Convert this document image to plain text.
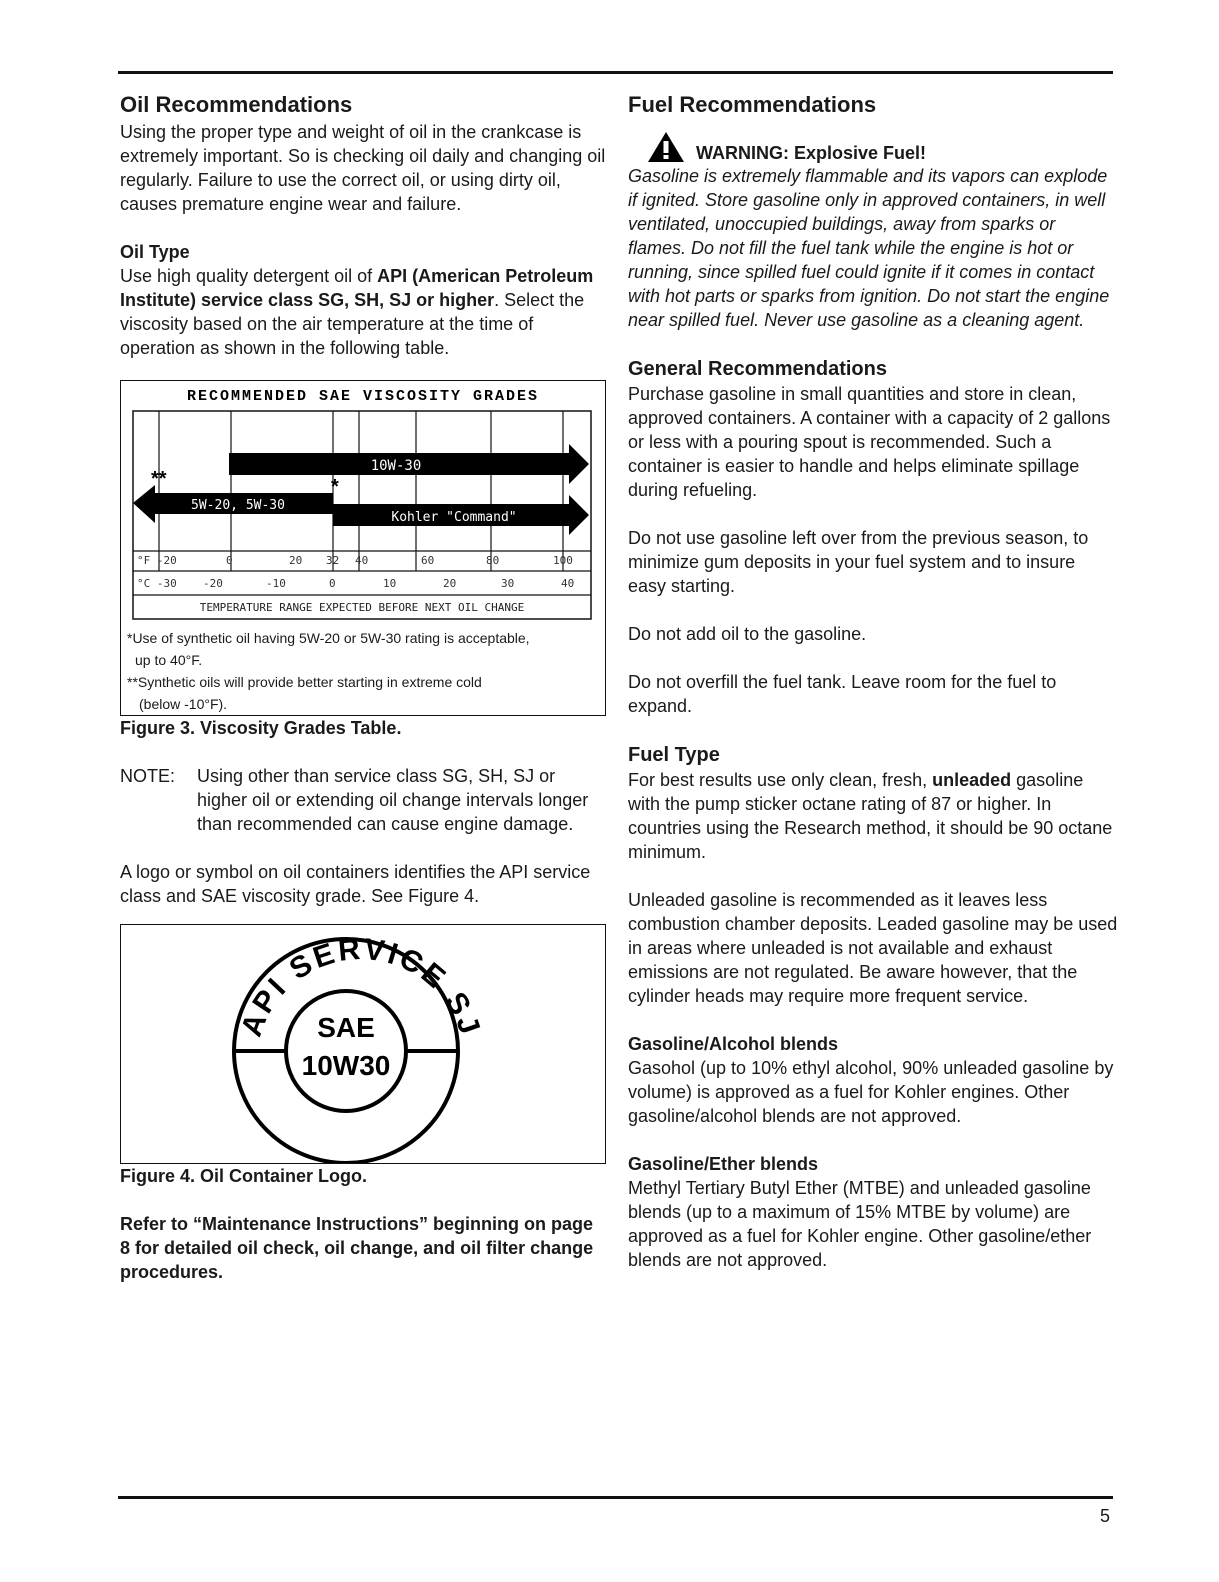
Oil Recommendations

Using the proper type and weight of oil in the crankcase is extremely important. So is checking oil daily and changing oil regularly. Failure to use the correct oil, or using dirty oil, causes premature engine wear and failure.

Oil Type

Use high quality detergent oil of API (American Petroleum Institute) service class SG, SH, SJ or higher. Select the viscosity based on the air temperature at the time of operation as shown in the following table.

RECOMMENDED SAE VISCOSITY GRADES
10W-30
5W-20, 5W-30
Kohler "Command"
**	*
°F -20	0	20 32 40	60	80	100
°C -30 -20	-10	0	10	20	30	40
TEMPERATURE RANGE EXPECTED BEFORE NEXT OIL CHANGE
*Use of synthetic oil having 5W-20 or 5W-30 rating is acceptable,
up to 40°F.
**Synthetic oils will provide better starting in extreme cold
(below -10°F).
Figure 3. Viscosity Grades Table.
NOTE:	Using other than service class SG, SH, SJ or higher oil or extending oil change intervals longer than recommended can cause engine damage.

A logo or symbol on oil containers identifies the API service class and SAE viscosity grade. See Figure 4.

API SERVICE SJ
SAE
10W30
Figure 4. Oil Container Logo.

Refer to “Maintenance Instructions” beginning on page 8 for detailed oil check, oil change, and oil filter change procedures.

Fuel Recommendations
WARNING: Explosive Fuel!

Gasoline is extremely flammable and its vapors can explode if ignited. Store gasoline only in approved containers, in well ventilated, unoccupied buildings, away from sparks or flames. Do not fill the fuel tank while the engine is hot or running, since spilled fuel could ignite if it comes in contact with hot parts or sparks from ignition. Do not start the engine near spilled fuel. Never use gasoline as a cleaning agent.

General Recommendations

Purchase gasoline in small quantities and store in clean, approved containers. A container with a capacity of 2 gallons or less with a pouring spout is recommended. Such a container is easier to handle and helps eliminate spillage during refueling.

Do not use gasoline left over from the previous season, to minimize gum deposits in your fuel system and to insure easy starting.

Do not add oil to the gasoline.

Do not overfill the fuel tank. Leave room for the fuel to expand.

Fuel Type

For best results use only clean, fresh, unleaded gasoline with the pump sticker octane rating of 87 or higher. In countries using the Research method, it should be 90 octane minimum.

Unleaded gasoline is recommended as it leaves less combustion chamber deposits. Leaded gasoline may be used in areas where unleaded is not available and exhaust emissions are not regulated. Be aware however, that the cylinder heads may require more frequent service.

Gasoline/Alcohol blends

Gasohol (up to 10% ethyl alcohol, 90% unleaded gasoline by volume) is approved as a fuel for Kohler engines. Other gasoline/alcohol blends are not approved.

Gasoline/Ether blends

Methyl Tertiary Butyl Ether (MTBE) and unleaded gasoline blends (up to a maximum of 15% MTBE by volume) are approved as a fuel for Kohler engine. Other gasoline/ether blends are not approved.

5
